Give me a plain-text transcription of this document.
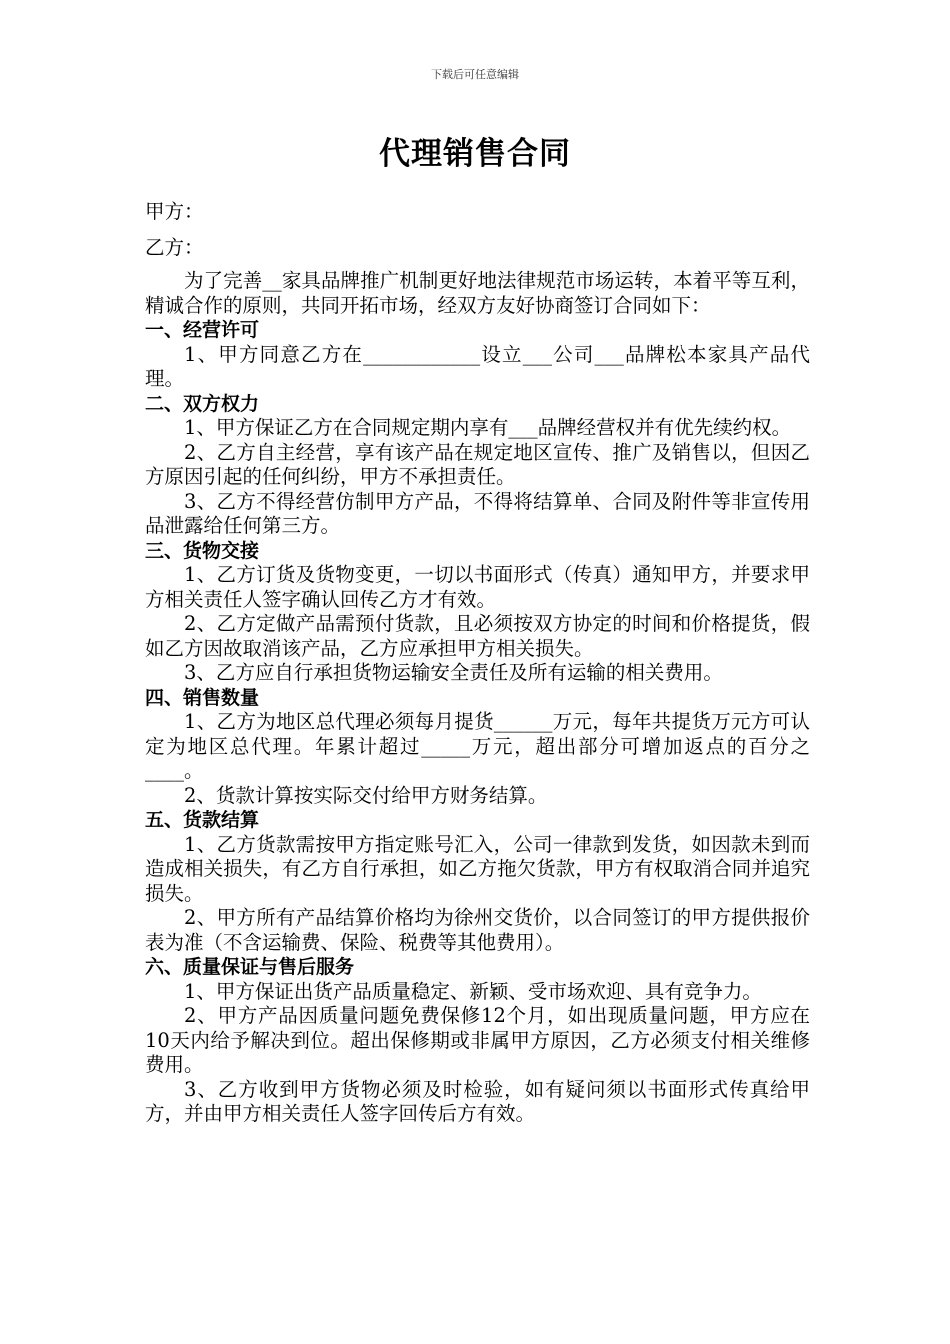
下载后可任意编辑
代理销售合同

甲方：

乙方：

为了完善__家具品牌推广机制更好地法律规范市场运转，本着平等互利，精诚合作的原则，共同开拓市场，经双方友好协商签订合同如下：

一、经营许可

1、甲方同意乙方在____________设立___公司___品牌松本家具产品代理。

二、双方权力

1、甲方保证乙方在合同规定期内享有___品牌经营权并有优先续约权。

2、乙方自主经营，享有该产品在规定地区宣传、推广及销售以，但因乙方原因引起的任何纠纷，甲方不承担责任。

3、乙方不得经营仿制甲方产品，不得将结算单、合同及附件等非宣传用品泄露给任何第三方。

三、货物交接

1、乙方订货及货物变更，一切以书面形式（传真）通知甲方，并要求甲方相关责任人签字确认回传乙方才有效。

2、乙方定做产品需预付货款，且必须按双方协定的时间和价格提货，假如乙方因故取消该产品，乙方应承担甲方相关损失。

3、乙方应自行承担货物运输安全责任及所有运输的相关费用。

四、销售数量

1、乙方为地区总代理必须每月提货______万元，每年共提货万元方可认定为地区总代理。年累计超过_____万元，超出部分可增加返点的百分之____。

2、货款计算按实际交付给甲方财务结算。

五、货款结算

1、乙方货款需按甲方指定账号汇入，公司一律款到发货，如因款未到而造成相关损失，有乙方自行承担，如乙方拖欠货款，甲方有权取消合同并追究损失。

2、甲方所有产品结算价格均为徐州交货价，以合同签订的甲方提供报价表为准（不含运输费、保险、税费等其他费用）。

六、质量保证与售后服务

1、甲方保证出货产品质量稳定、新颖、受市场欢迎、具有竞争力。

2、甲方产品因质量问题免费保修12个月，如出现质量问题，甲方应在10天内给予解决到位。超出保修期或非属甲方原因，乙方必须支付相关维修费用。

3、乙方收到甲方货物必须及时检验，如有疑问须以书面形式传真给甲方，并由甲方相关责任人签字回传后方有效。
